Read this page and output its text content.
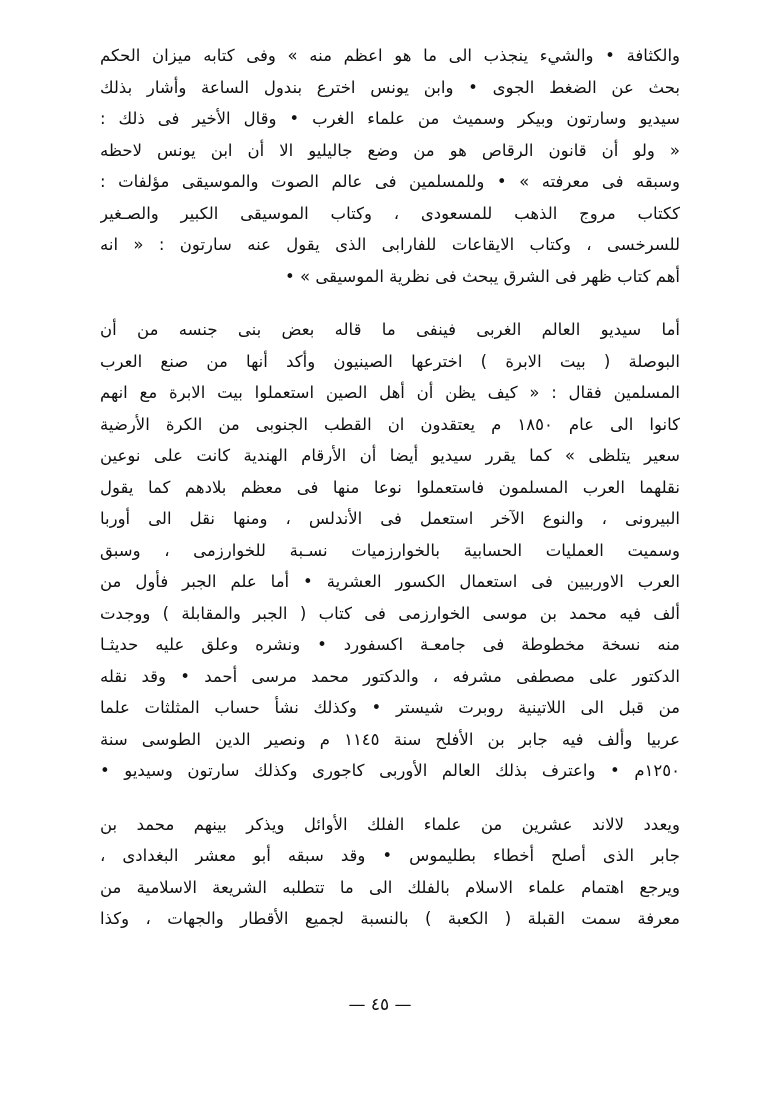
والكثافة • والشيء ينجذب الى ما هو اعظم منه » وفى كتابه ميزان الحكم
بحث عن الضغط الجوى • وابن يونس اخترع بندول الساعة وأشار بذلك
سيديو وسارتون وبيكر وسميث من علماء الغرب • وقال الأخير فى ذلك :
« ولو أن قانون الرقاص هو من وضع جاليليو الا أن ابن يونس لاحظه
وسبقه فى معرفته » • وللمسلمين فى عالم الصوت والموسيقى مؤلفات :
ككتاب مروج الذهب للمسعودى ، وكتاب الموسيقى الكبير والصـغير
للسرخسى ، وكتاب الايقاعات للفارابى الذى يقول عنه سارتون : « انه
أهم كتاب ظهر فى الشرق يبحث فى نظرية الموسيقى » •

أما سيديو العالم الغربى فينفى ما قاله بعض بنى جنسه من أن
البوصلة ( بيت الابرة ) اخترعها الصينيون وأكد أنها من صنع العرب
المسلمين فقال : « كيف يظن أن أهل الصين استعملوا بيت الابرة مع انهم
كانوا الى عام ١٨٥٠ م يعتقدون ان القطب الجنوبى من الكرة الأرضية
سعير يتلظى » كما يقرر سيديو أيضا أن الأرقام الهندية كانت على نوعين
نقلهما العرب المسلمون فاستعملوا نوعا منها فى معظم بلادهم كما يقول
البيرونى ، والنوع الآخر استعمل فى الأندلس ، ومنها نقل الى أوربا
وسميت العمليات الحسابية بالخوارزميات نسـبة للخوارزمى ، وسبق
العرب الاوربيين فى استعمال الكسور العشرية • أما علم الجبر فأول من
ألف فيه محمد بن موسى الخوارزمى فى كتاب ( الجبر والمقابلة ) ووجدت
منه نسخة مخطوطة فى جامعـة اكسفورد • ونشره وعلق عليه حديثـا
الدكتور على مصطفى مشرفه ، والدكتور محمد مرسى أحمد • وقد نقله
من قبل الى اللاتينية روبرت شيستر • وكذلك نشأ حساب المثلثات علما
عربيا وألف فيه جابر بن الأفلح سنة ١١٤٥ م ونصير الدين الطوسى سنة
١٢٥٠م • واعترف بذلك العالم الأوربى كاجورى وكذلك سارتون وسيديو •

ويعدد لالاند عشرين من علماء الفلك الأوائل ويذكر بينهم محمد بن
جابر الذى أصلح أخطاء بطليموس • وقد سبقه أبو معشر البغدادى ،
ويرجع اهتمام علماء الاسلام بالفلك الى ما تتطلبه الشريعة الاسلامية من
معرفة سمت القبلة ( الكعبة ) بالنسبة لجميع الأقطار والجهات ، وكذا

— ٤٥ —
